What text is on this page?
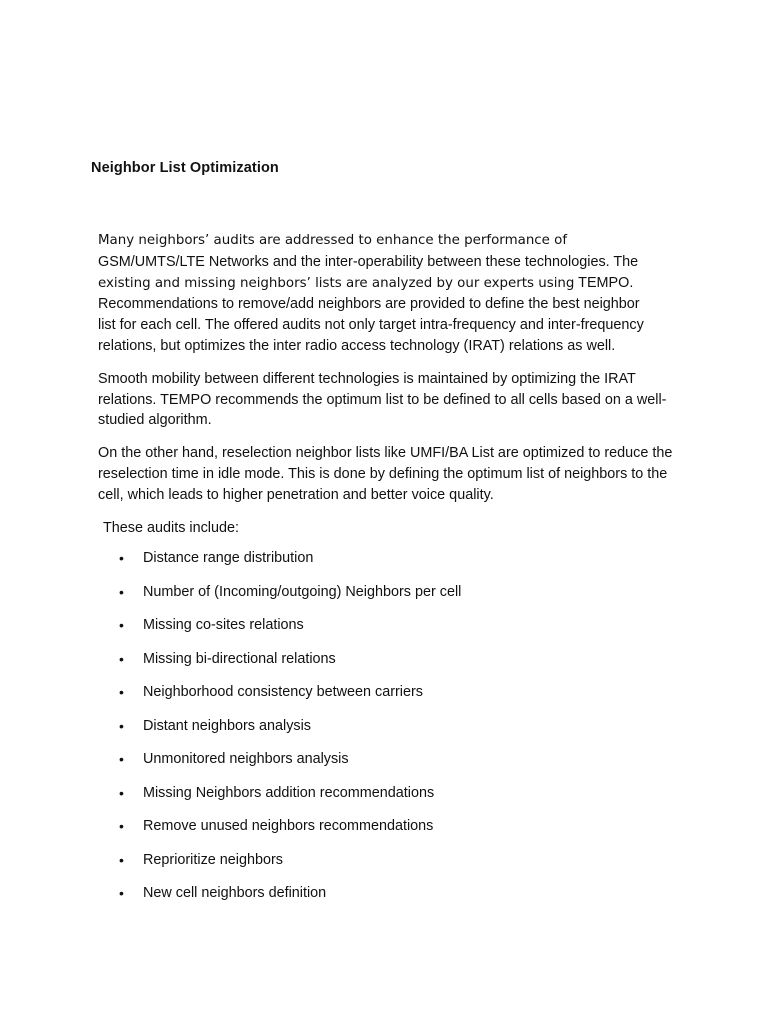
Neighbor List Optimization

Many neighbors’ audits are addressed to enhance the performance of
GSM/UMTS/LTE Networks and the inter-operability between these technologies. The
existing and missing neighbors’ lists are analyzed by our experts using TEMPO.
Recommendations to remove/add neighbors are provided to define the best neighbor
list for each cell. The offered audits not only target intra-frequency and inter-frequency
relations, but optimizes the inter radio access technology (IRAT) relations as well.

Smooth mobility between different technologies is maintained by optimizing the IRAT relations. TEMPO recommends the optimum list to be defined to all cells based on a well-studied algorithm.

On the other hand, reselection neighbor lists like UMFI/BA List are optimized to reduce the reselection time in idle mode. This is done by defining the optimum list of neighbors to the cell, which leads to higher penetration and better voice quality.

These audits include:

• Distance range distribution
• Number of (Incoming/outgoing) Neighbors per cell
• Missing co-sites relations
• Missing bi-directional relations
• Neighborhood consistency between carriers
• Distant neighbors analysis
• Unmonitored neighbors analysis
• Missing Neighbors addition recommendations
• Remove unused neighbors recommendations
• Reprioritize neighbors
• New cell neighbors definition
